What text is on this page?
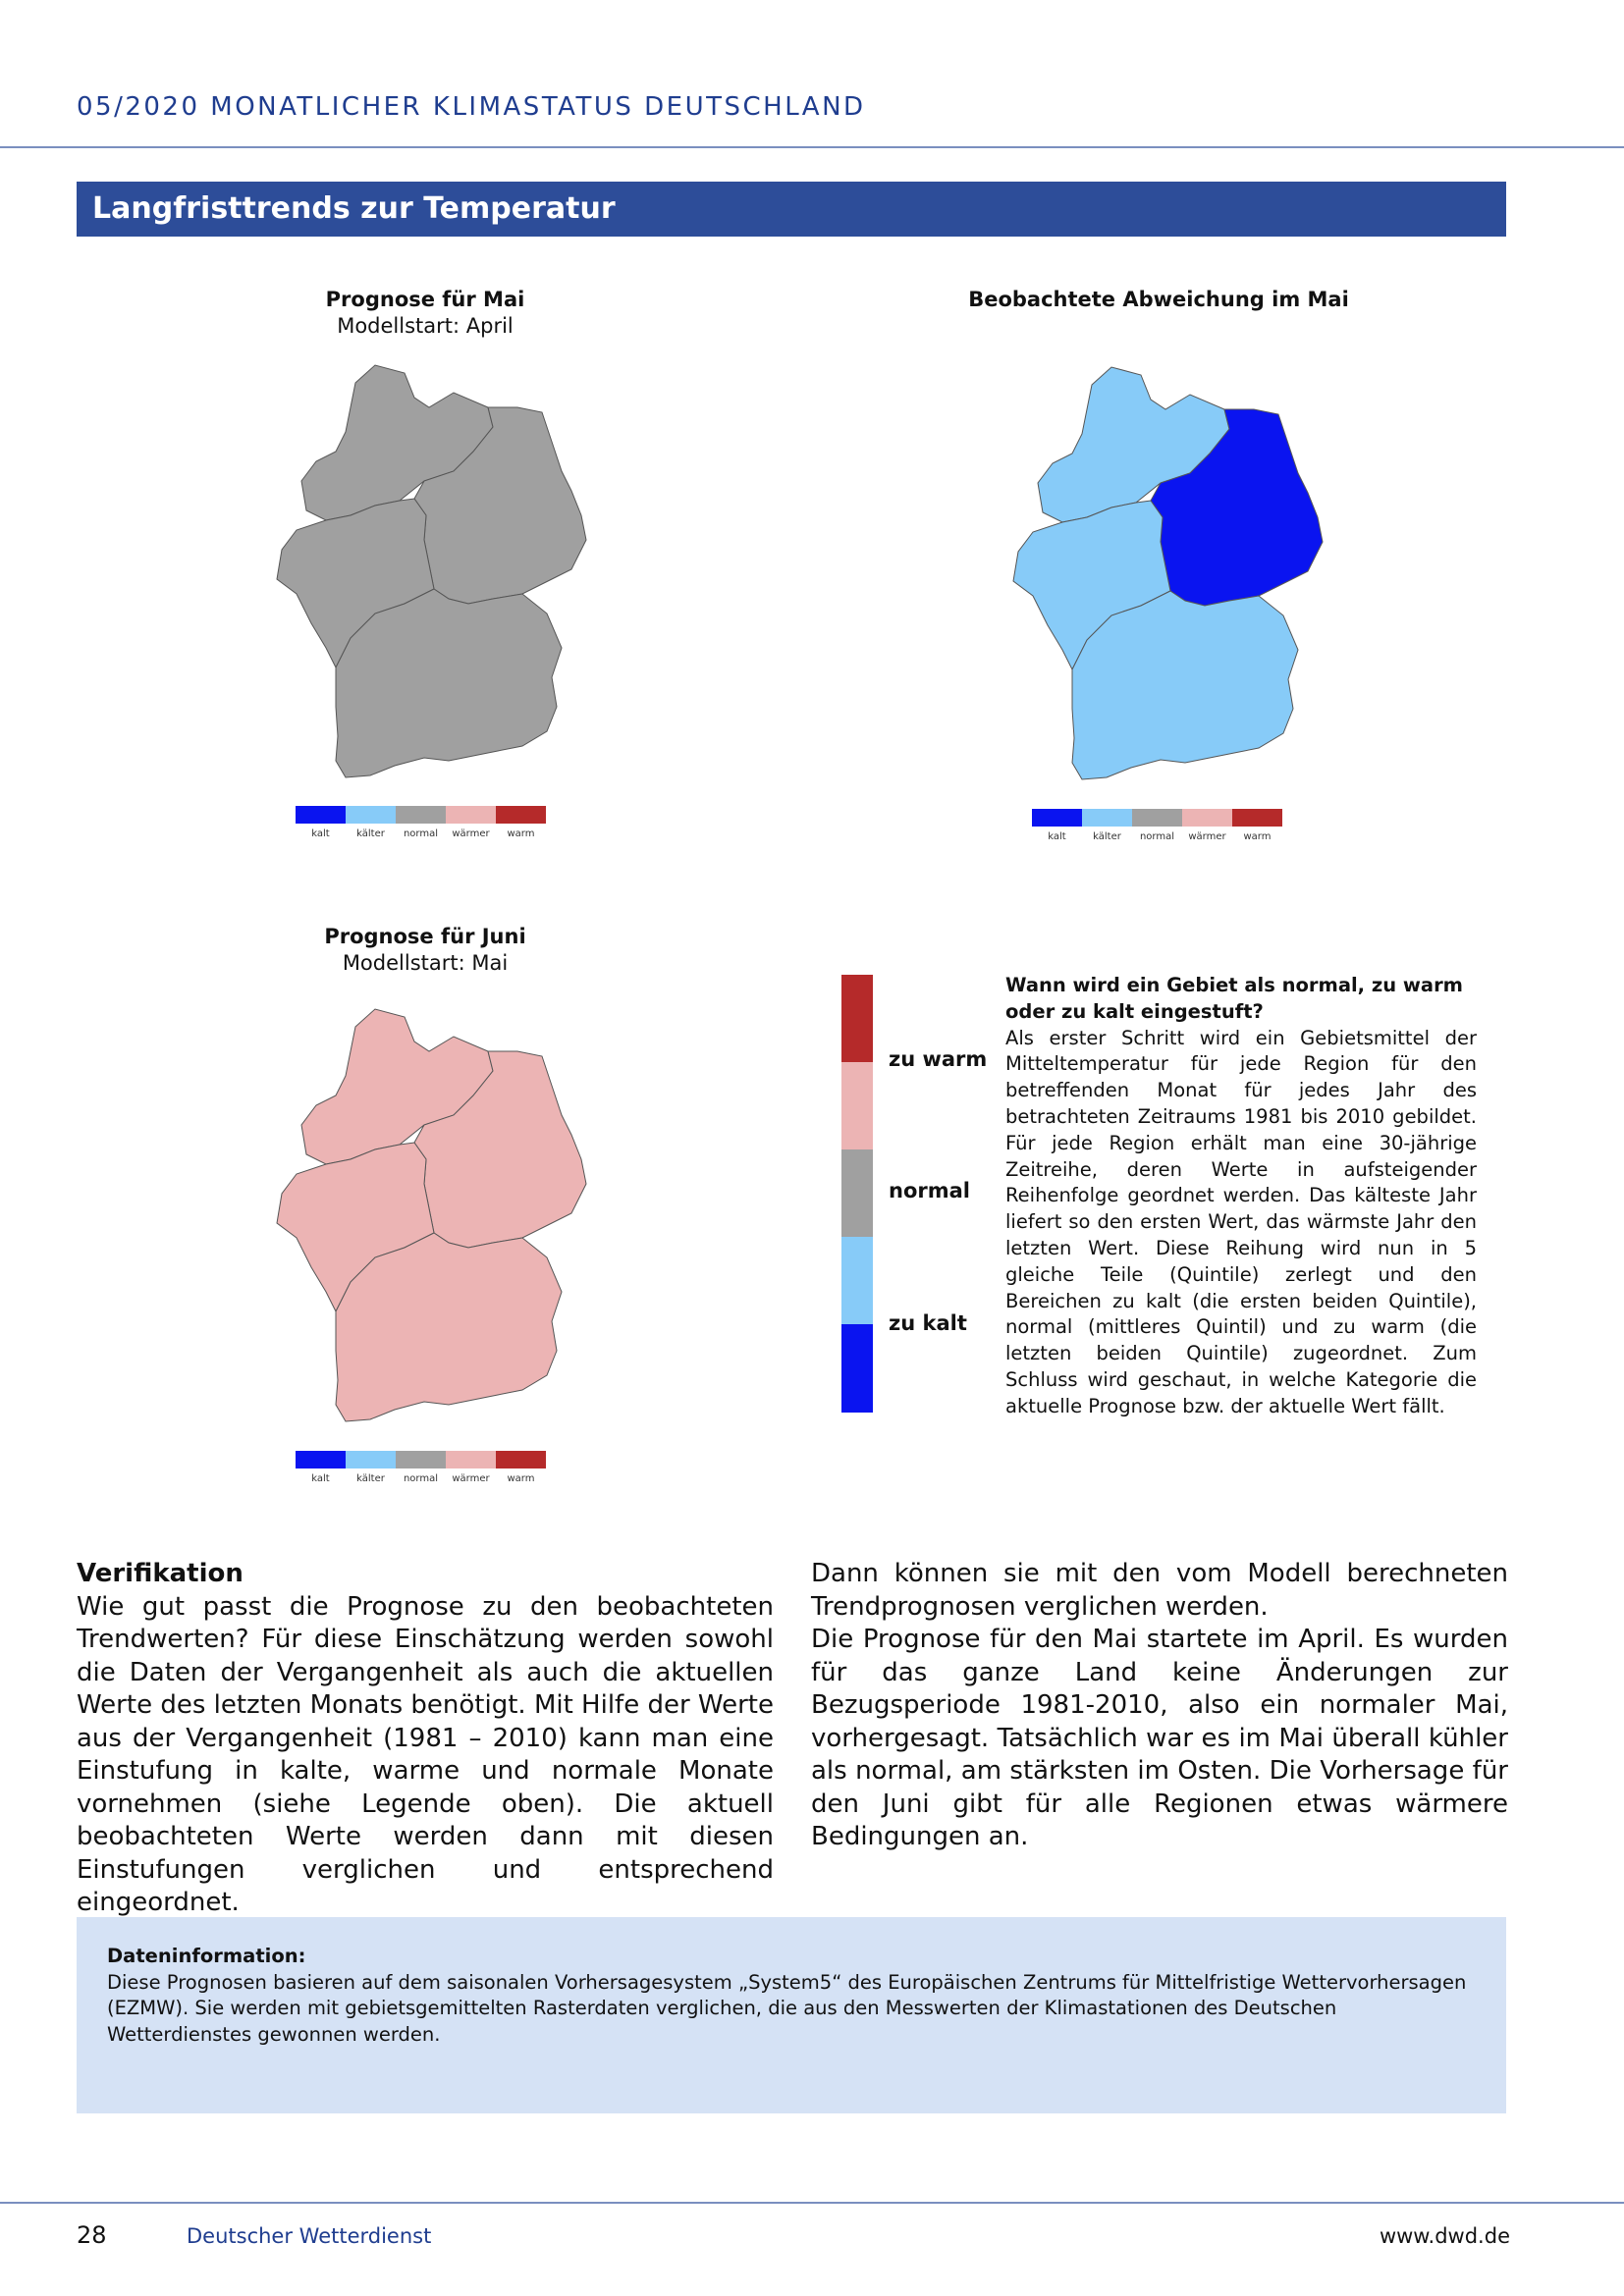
05/2020 MONATLICHER KLIMASTATUS DEUTSCHLAND
Langfristtrends zur Temperatur
Prognose für Mai
Modellstart: April
kalt	kälter	normal	wärmer	warm
Beobachtete Abweichung im Mai
kalt	kälter	normal	wärmer	warm
Prognose für Juni
Modellstart: Mai
kalt	kälter	normal	wärmer	warm
zu warm
normal
zu kalt
Wann wird ein Gebiet als normal, zu warm oder zu kalt eingestuft?
Als erster Schritt wird ein Gebietsmittel der Mitteltemperatur für jede Region für den betreffenden Monat für jedes Jahr des betrachteten Zeitraums 1981 bis 2010 gebildet. Für jede Region erhält man eine 30-jährige Zeitreihe, deren Werte in aufsteigender Reihenfolge geordnet werden. Das kälteste Jahr liefert so den ersten Wert, das wärmste Jahr den letzten Wert. Diese Reihung wird nun in 5 gleiche Teile (Quintile) zerlegt und den Bereichen zu kalt (die ersten beiden Quintile), normal (mittleres Quintil) und zu warm (die letzten beiden Quintile) zugeordnet. Zum Schluss wird geschaut, in welche Kategorie die aktuelle Prognose bzw. der aktuelle Wert fällt.
Verifikation
Wie gut passt die Prognose zu den beobachteten Trendwerten? Für diese Einschätzung werden sowohl die Daten der Vergangenheit als auch die aktuellen Werte des letzten Monats benötigt. Mit Hilfe der Werte aus der Vergangenheit (1981 – 2010) kann man eine Einstufung in kalte, warme und normale Monate vornehmen (siehe Legende oben). Die aktuell beobachteten Werte werden dann mit diesen Einstufungen verglichen und entsprechend eingeordnet.
Dann können sie mit den vom Modell berechneten Trendprognosen verglichen werden.
Die Prognose für den Mai startete im April. Es wurden für das ganze Land keine Änderungen zur Bezugsperiode 1981-2010, also ein normaler Mai, vorhergesagt. Tatsächlich war es im Mai überall kühler als normal, am stärksten im Osten. Die Vorhersage für den Juni gibt für alle Regionen etwas wärmere Bedingungen an.
Dateninformation:
Diese Prognosen basieren auf dem saisonalen Vorhersagesystem „System5“ des Europäischen Zentrums für Mittelfristige Wettervorhersagen (EZMW). Sie werden mit gebietsgemittelten Rasterdaten verglichen, die aus den Messwerten der Klimastationen des Deutschen Wetterdienstes gewonnen werden.
28	Deutscher Wetterdienst	www.dwd.de
